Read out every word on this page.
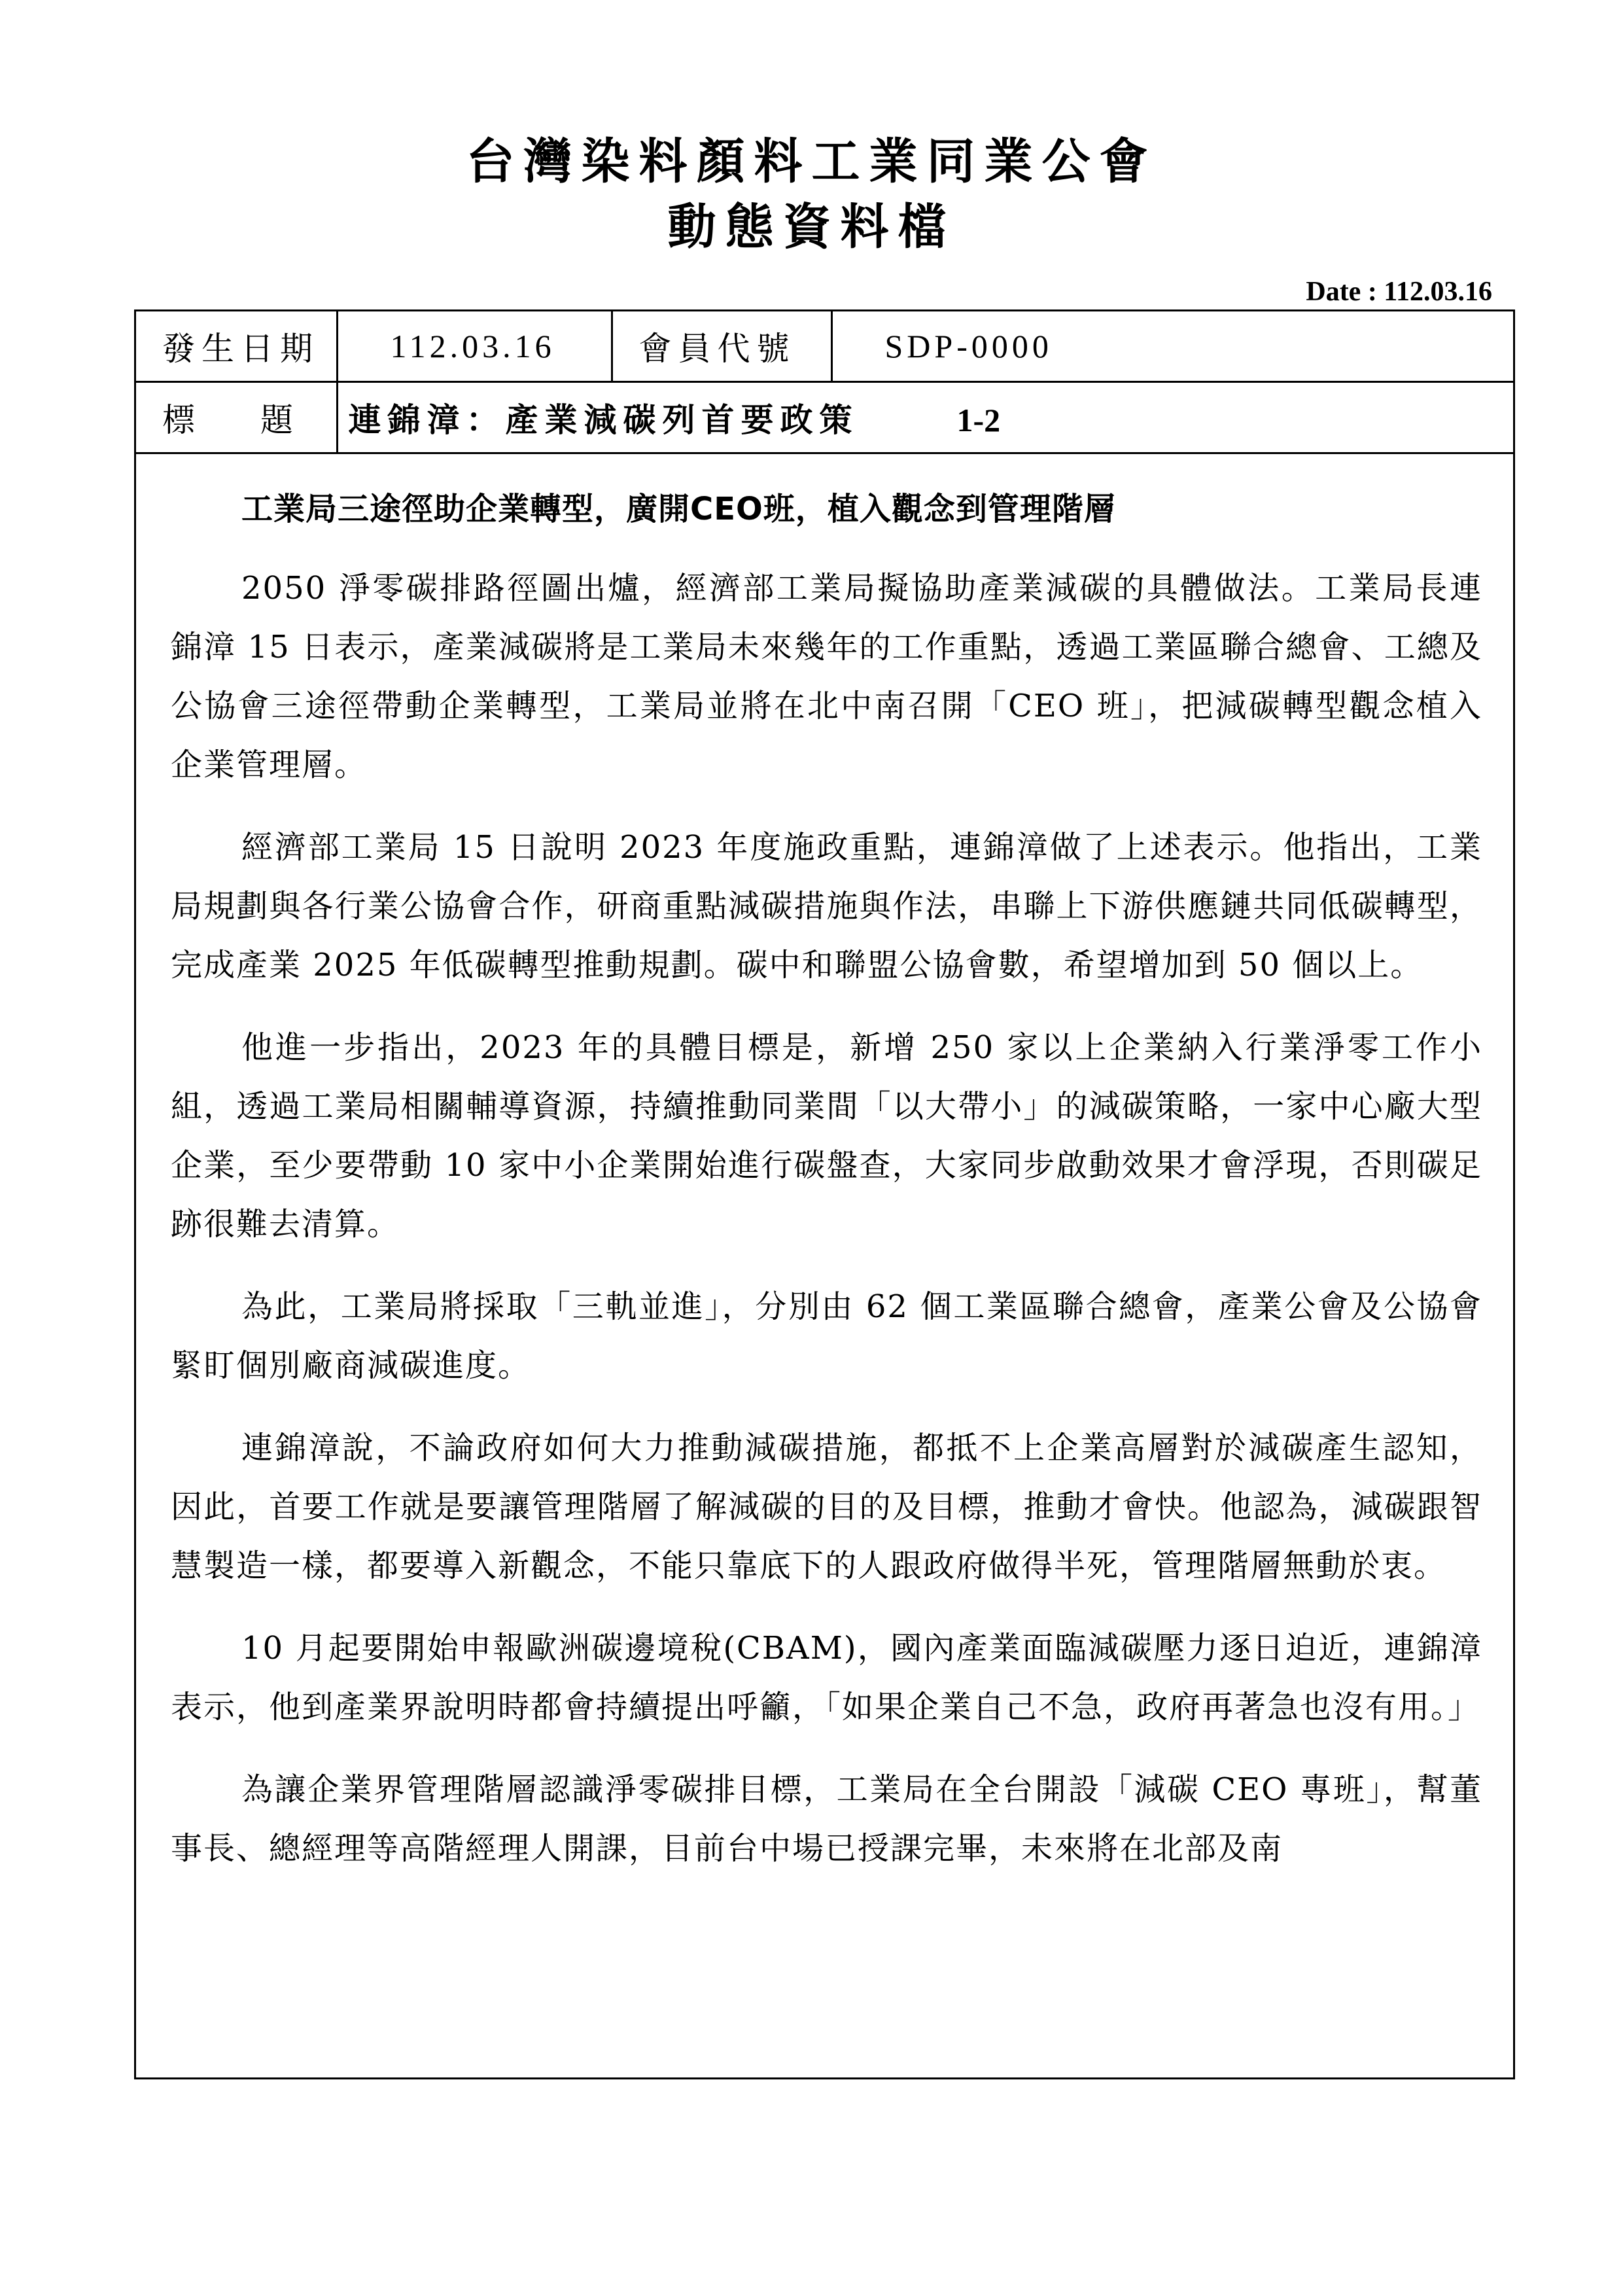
台灣染料顏料工業同業公會
動態資料檔
Date : 112.03.16
發生日期	112.03.16	會員代號	SDP-0000
標 題	連錦漳：產業減碳列首要政策 1-2		

工業局三途徑助企業轉型，廣開CEO班，植入觀念到管理階層

2050 淨零碳排路徑圖出爐，經濟部工業局擬協助產業減碳的具體做法。工業局長連錦漳 15 日表示，產業減碳將是工業局未來幾年的工作重點，透過工業區聯合總會、工總及公協會三途徑帶動企業轉型，工業局並將在北中南召開「CEO 班」，把減碳轉型觀念植入企業管理層。

經濟部工業局 15 日說明 2023 年度施政重點，連錦漳做了上述表示。他指出，工業局規劃與各行業公協會合作，研商重點減碳措施與作法，串聯上下游供應鏈共同低碳轉型，完成產業 2025 年低碳轉型推動規劃。碳中和聯盟公協會數，希望增加到 50 個以上。

他進一步指出，2023 年的具體目標是，新增 250 家以上企業納入行業淨零工作小組，透過工業局相關輔導資源，持續推動同業間「以大帶小」的減碳策略，一家中心廠大型企業，至少要帶動 10 家中小企業開始進行碳盤查，大家同步啟動效果才會浮現，否則碳足跡很難去清算。

為此，工業局將採取「三軌並進」，分別由 62 個工業區聯合總會，產業公會及公協會緊盯個別廠商減碳進度。

連錦漳說，不論政府如何大力推動減碳措施，都抵不上企業高層對於減碳產生認知，因此，首要工作就是要讓管理階層了解減碳的目的及目標，推動才會快。他認為，減碳跟智慧製造一樣，都要導入新觀念，不能只靠底下的人跟政府做得半死，管理階層無動於衷。

10 月起要開始申報歐洲碳邊境稅(CBAM)，國內產業面臨減碳壓力逐日迫近，連錦漳表示，他到產業界說明時都會持續提出呼籲，「如果企業自己不急，政府再著急也沒有用。」

為讓企業界管理階層認識淨零碳排目標，工業局在全台開設「減碳 CEO 專班」，幫董事長、總經理等高階經理人開課，目前台中場已授課完畢，未來將在北部及南
